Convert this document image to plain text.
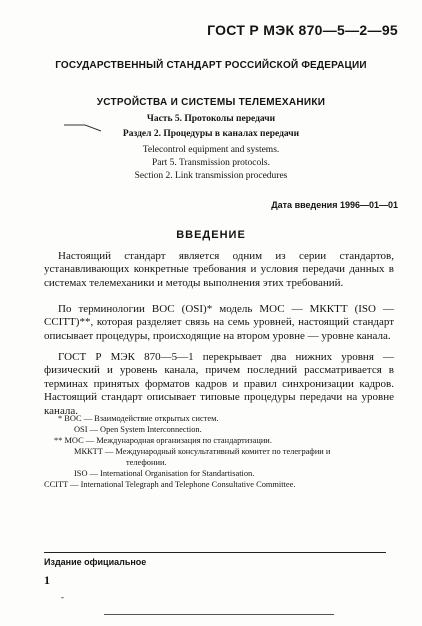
ГОСТ Р МЭК 870—5—2—95
ГОСУДАРСТВЕННЫЙ СТАНДАРТ РОССИЙСКОЙ ФЕДЕРАЦИИ
УСТРОЙСТВА И СИСТЕМЫ ТЕЛЕМЕХАНИКИ
Часть 5. Протоколы передачи
Раздел 2. Процедуры в каналах передачи
Telecontrol equipment and systems.
Part 5. Transmission protocols.
Section 2. Link transmission procedures
Дата введения 1996—01—01
ВВЕДЕНИЕ

Настоящий стандарт является одним из серии стандартов, устанавливающих конкретные требования и условия передачи данных в системах телемеханики и методы выполнения этих требований.

По терминологии ВОС (OSI)* модель МОС — МККТТ (ISO — CCITT)**, которая разделяет связь на семь уровней, настоящий стандарт описывает процедуры, происходящие на втором уровне — уровне канала.

ГОСТ Р МЭК 870—5—1 перекрывает два нижних уровня — физический и уровень канала, причем последний рассматривается в терминах принятых форматов кадров и правил синхронизации кадров. Настоящий стандарт описывает типовые процедуры передачи на уровне канала.

* ВОС — Взаимодействие открытых систем.

OSI — Open System Interconnection.

** МОС — Международная организация по стандартизации.

МККТТ — Международный консультативный комитет по телеграфии и

телефонии.

ISO — International Organisation for Standartisation.

CCITT — International Telegraph and Telephone Consultative Committee.

Издание официальное
1
-
